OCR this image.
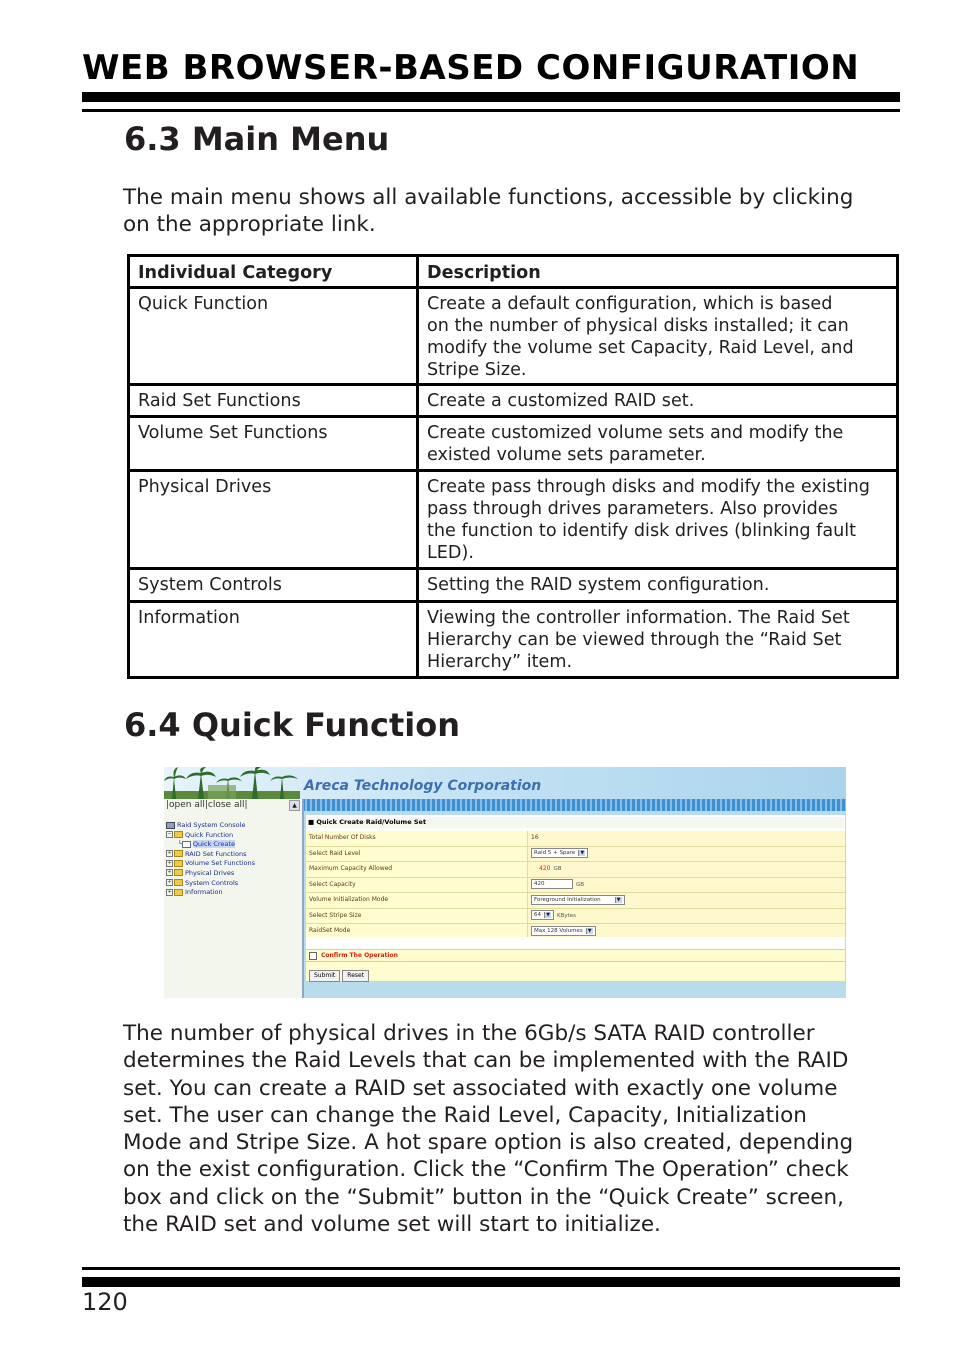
WEB BROWSER-BASED CONFIGURATION
6.3 Main Menu
The main menu shows all available functions, accessible by clicking
on the appropriate link.
Individual Category	Description
Quick Function	Create a default configuration, which is based
on the number of physical disks installed; it can
modify the volume set Capacity, Raid Level, and
Stripe Size.

Raid Set Functions	Create a customized RAID set.

Volume Set Functions	Create customized volume sets and modify the
existed volume sets parameter.

Physical Drives	Create pass through disks and modify the existing
pass through drives parameters. Also provides
the function to identify disk drives (blinking fault
LED).

System Controls	Setting the RAID system configuration.

Information	Viewing the controller information. The Raid Set
Hierarchy can be viewed through the “Raid Set
Hierarchy” item.
6.4 Quick Function
Areca Technology Corporation
|open all|close all|	▲
Raid System Console
− Quick Function
└ Quick Create
+ RAID Set Functions
+ Volume Set Functions
+ Physical Drives
+ System Controls
+ Information
■ Quick Create Raid/Volume Set
Total Number Of Disks	16
Select Raid Level	Raid 5 + Spare ▼
Maximum Capacity Allowed	420 GB
Select Capacity	420	GB
Volume Initialization Mode	Foreground Initialization	▼
Select Stripe Size	64 ▼ KBytes
RaidSet Mode	Max 128 Volumes ▼
Confirm The Operation
Submit Reset
The number of physical drives in the 6Gb/s SATA RAID controller
determines the Raid Levels that can be implemented with the RAID
set. You can create a RAID set associated with exactly one volume
set. The user can change the Raid Level, Capacity, Initialization
Mode and Stripe Size. A hot spare option is also created, depending
on the exist configuration. Click the “Confirm The Operation” check
box and click on the “Submit” button in the “Quick Create” screen,
the RAID set and volume set will start to initialize.
120
